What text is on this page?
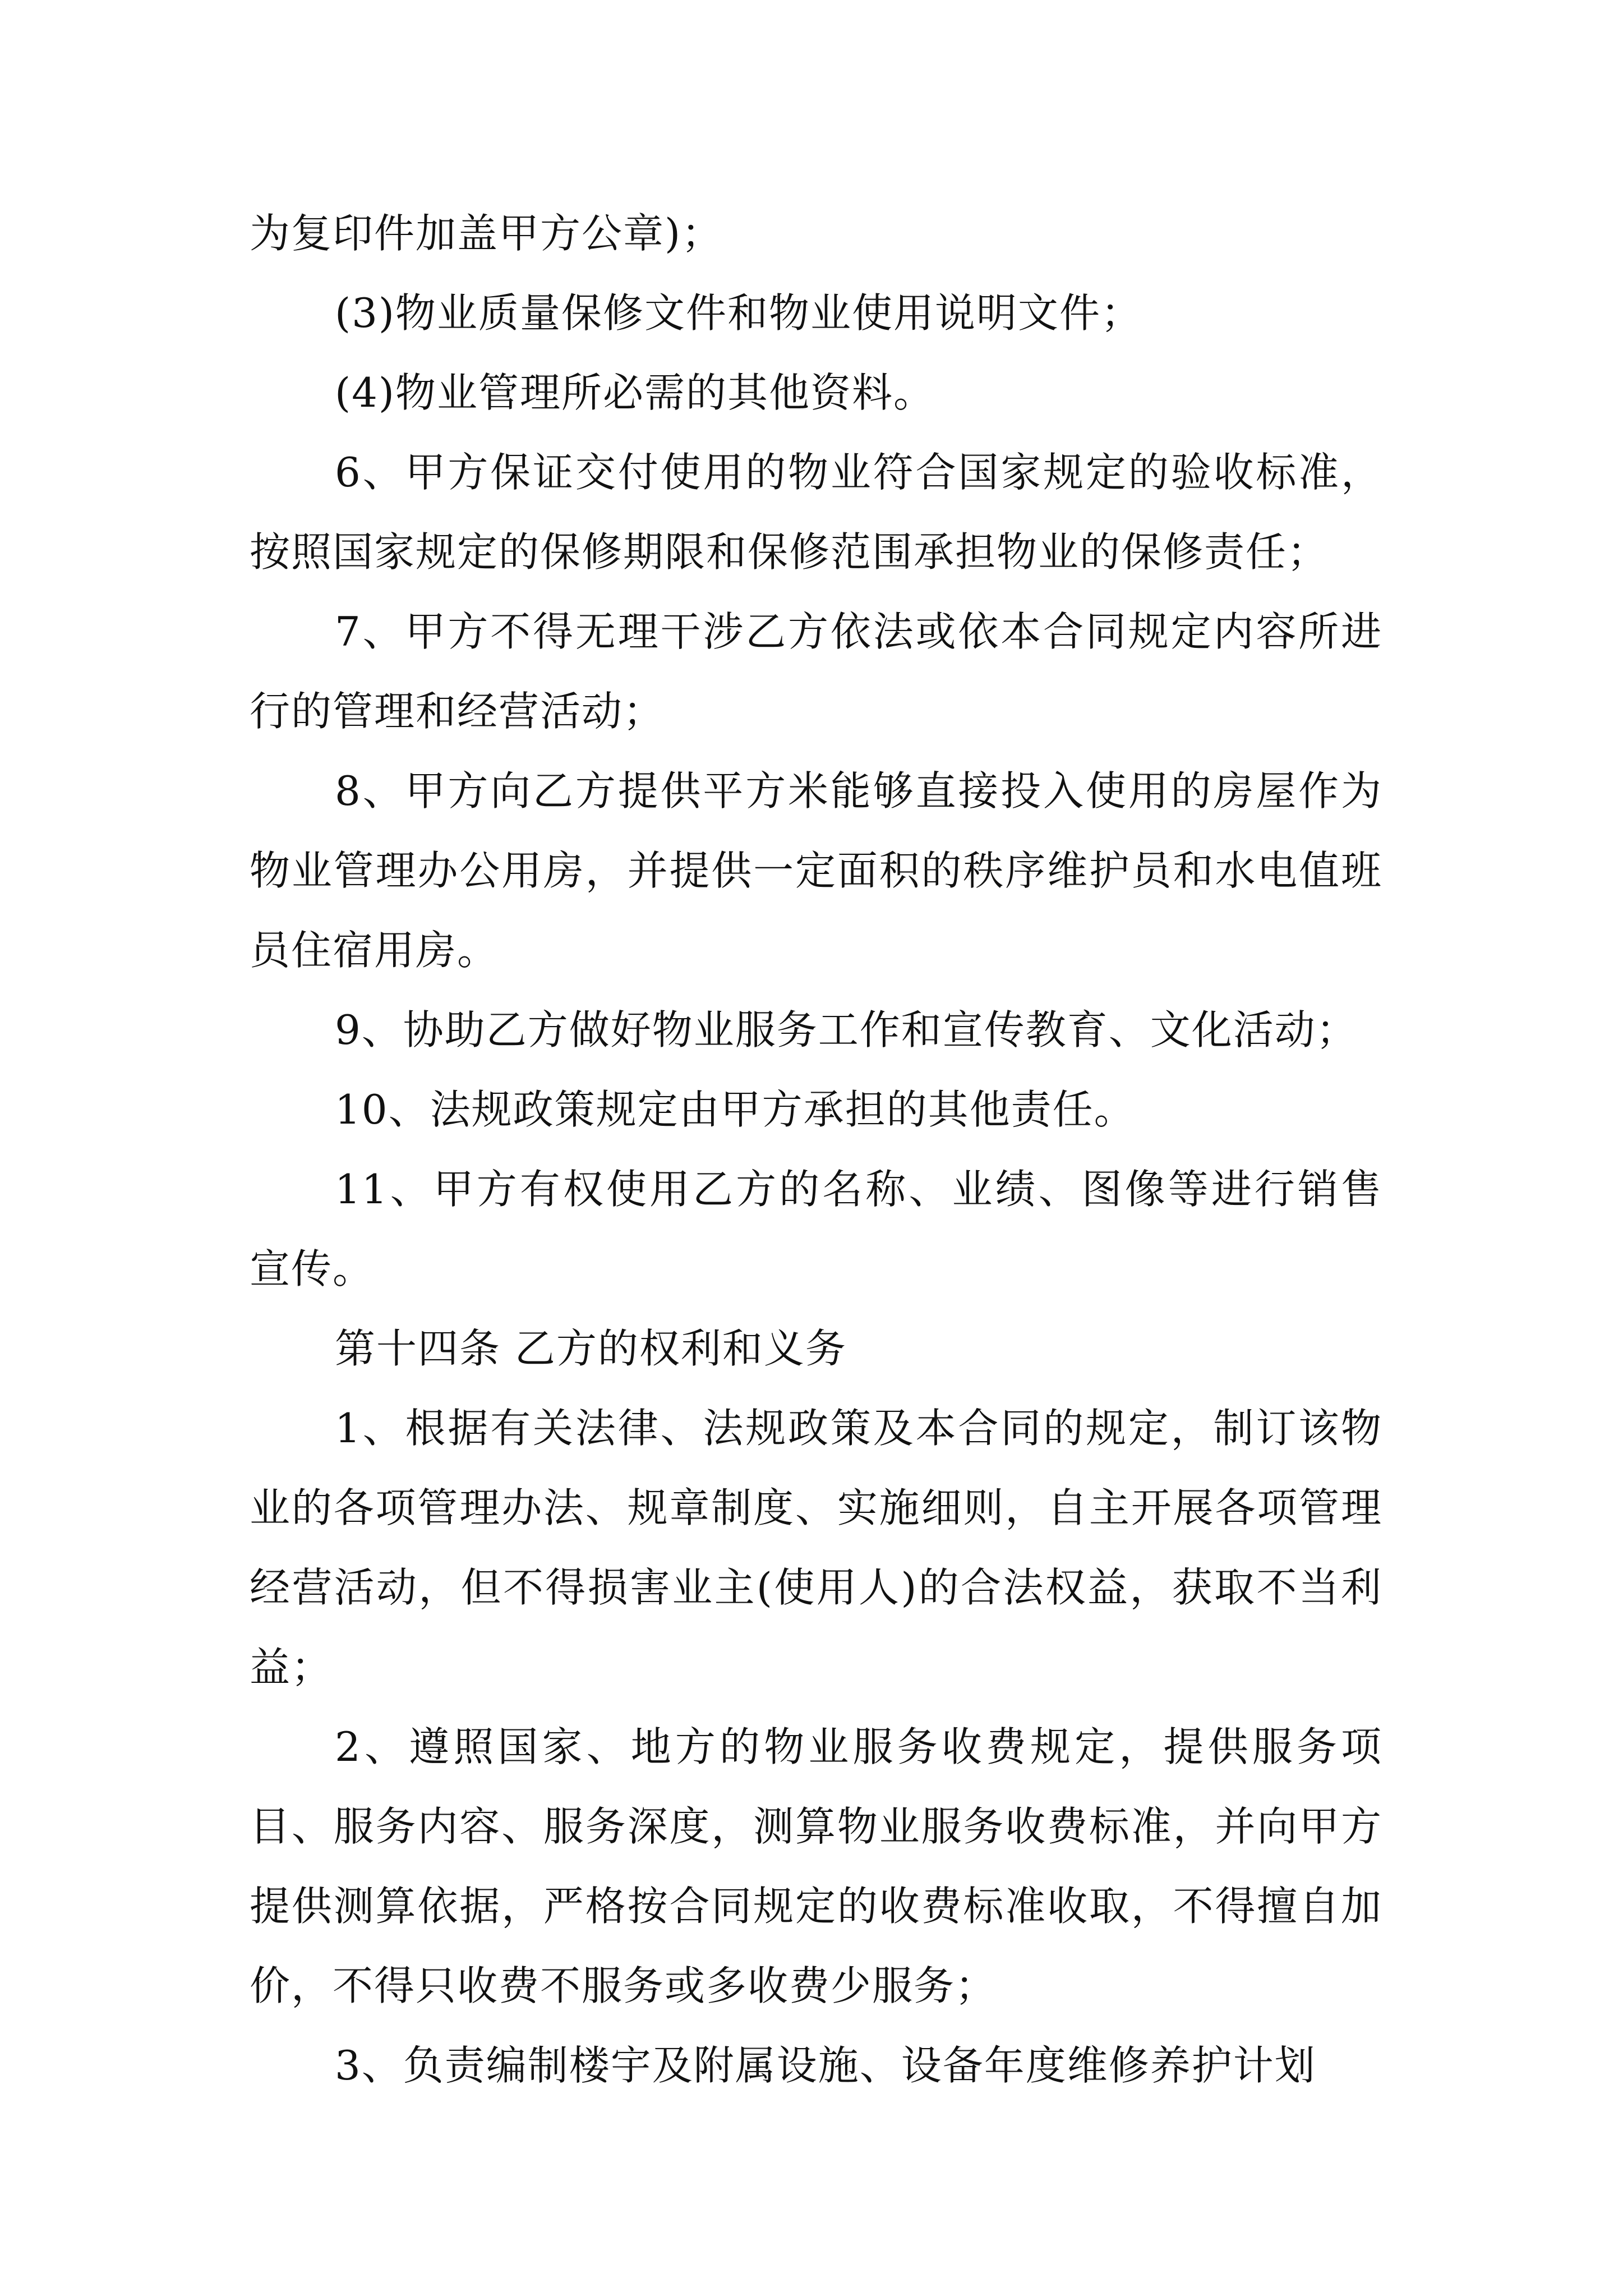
为复印件加盖甲方公章)；

(3)物业质量保修文件和物业使用说明文件；

(4)物业管理所必需的其他资料。

6、甲方保证交付使用的物业符合国家规定的验收标准，按照国家规定的保修期限和保修范围承担物业的保修责任；

7、甲方不得无理干涉乙方依法或依本合同规定内容所进行的管理和经营活动；

8、甲方向乙方提供平方米能够直接投入使用的房屋作为物业管理办公用房，并提供一定面积的秩序维护员和水电值班员住宿用房。

9、协助乙方做好物业服务工作和宣传教育、文化活动；

10、法规政策规定由甲方承担的其他责任。

11、甲方有权使用乙方的名称、业绩、图像等进行销售宣传。

第十四条 乙方的权利和义务

1、根据有关法律、法规政策及本合同的规定，制订该物业的各项管理办法、规章制度、实施细则，自主开展各项管理经营活动，但不得损害业主(使用人)的合法权益，获取不当利益；

2、遵照国家、地方的物业服务收费规定，提供服务项目、服务内容、服务深度，测算物业服务收费标准，并向甲方提供测算依据，严格按合同规定的收费标准收取，不得擅自加价，不得只收费不服务或多收费少服务；

3、负责编制楼宇及附属设施、设备年度维修养护计划
